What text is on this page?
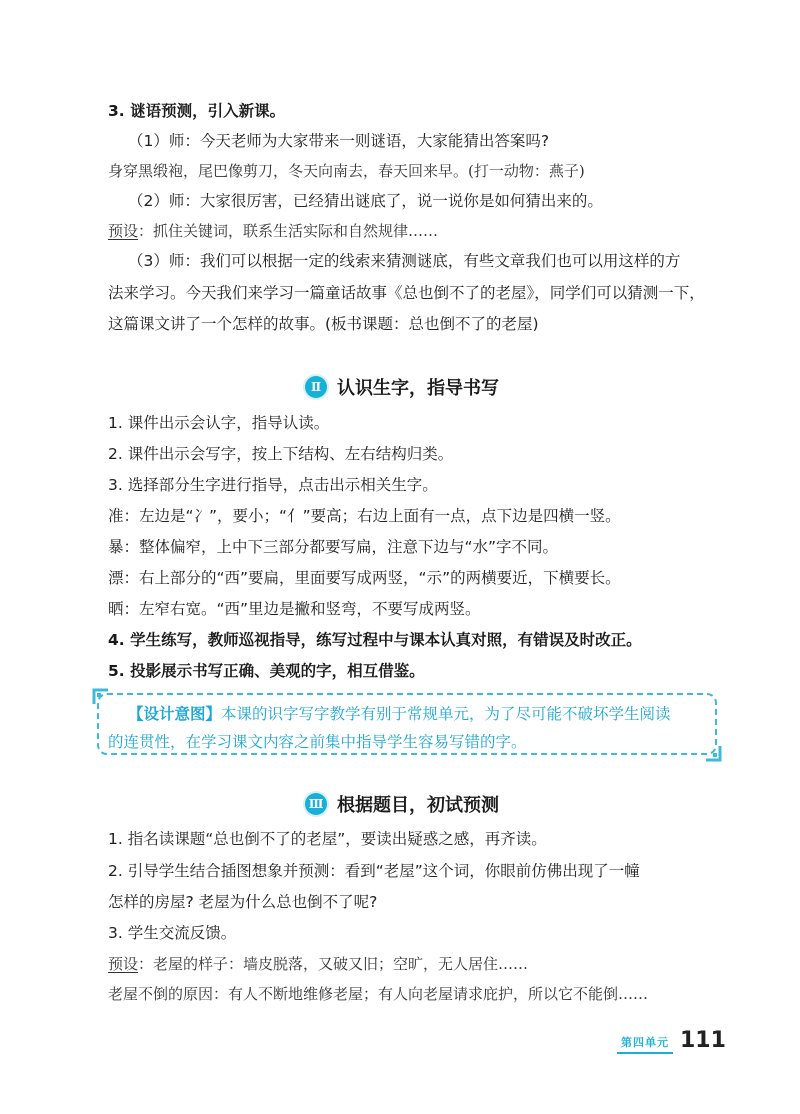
3. 谜语预测，引入新课。
（1）师：今天老师为大家带来一则谜语，大家能猜出答案吗?
身穿黑缎袍，尾巴像剪刀，冬天向南去，春天回来早。(打一动物：燕子)
（2）师：大家很厉害，已经猜出谜底了，说一说你是如何猜出来的。
预设：抓住关键词，联系生活实际和自然规律……
（3）师：我们可以根据一定的线索来猜测谜底，有些文章我们也可以用这样的方
法来学习。今天我们来学习一篇童话故事《总也倒不了的老屋》，同学们可以猜测一下，
这篇课文讲了一个怎样的故事。(板书课题：总也倒不了的老屋)
Ⅱ 认识生字，指导书写
1. 课件出示会认字，指导认读。
2. 课件出示会写字，按上下结构、左右结构归类。
3. 选择部分生字进行指导，点击出示相关生字。
准：左边是“冫”，要小；“亻”要高；右边上面有一点，点下边是四横一竖。
暴：整体偏窄，上中下三部分都要写扁，注意下边与“水”字不同。
漂：右上部分的“西”要扁，里面要写成两竖，“示”的两横要近，下横要长。
晒：左窄右宽。“西”里边是撇和竖弯，不要写成两竖。
4. 学生练写，教师巡视指导，练写过程中与课本认真对照，有错误及时改正。
5. 投影展示书写正确、美观的字，相互借鉴。
【设计意图】本课的识字写字教学有别于常规单元，为了尽可能不破坏学生阅读
的连贯性，在学习课文内容之前集中指导学生容易写错的字。
Ⅲ 根据题目，初试预测
1. 指名读课题“总也倒不了的老屋”，要读出疑惑之感，再齐读。
2. 引导学生结合插图想象并预测：看到“老屋”这个词，你眼前仿佛出现了一幢
怎样的房屋? 老屋为什么总也倒不了呢?
3. 学生交流反馈。
预设：老屋的样子：墙皮脱落，又破又旧；空旷，无人居住……
老屋不倒的原因：有人不断地维修老屋；有人向老屋请求庇护，所以它不能倒……
第四单元 111
